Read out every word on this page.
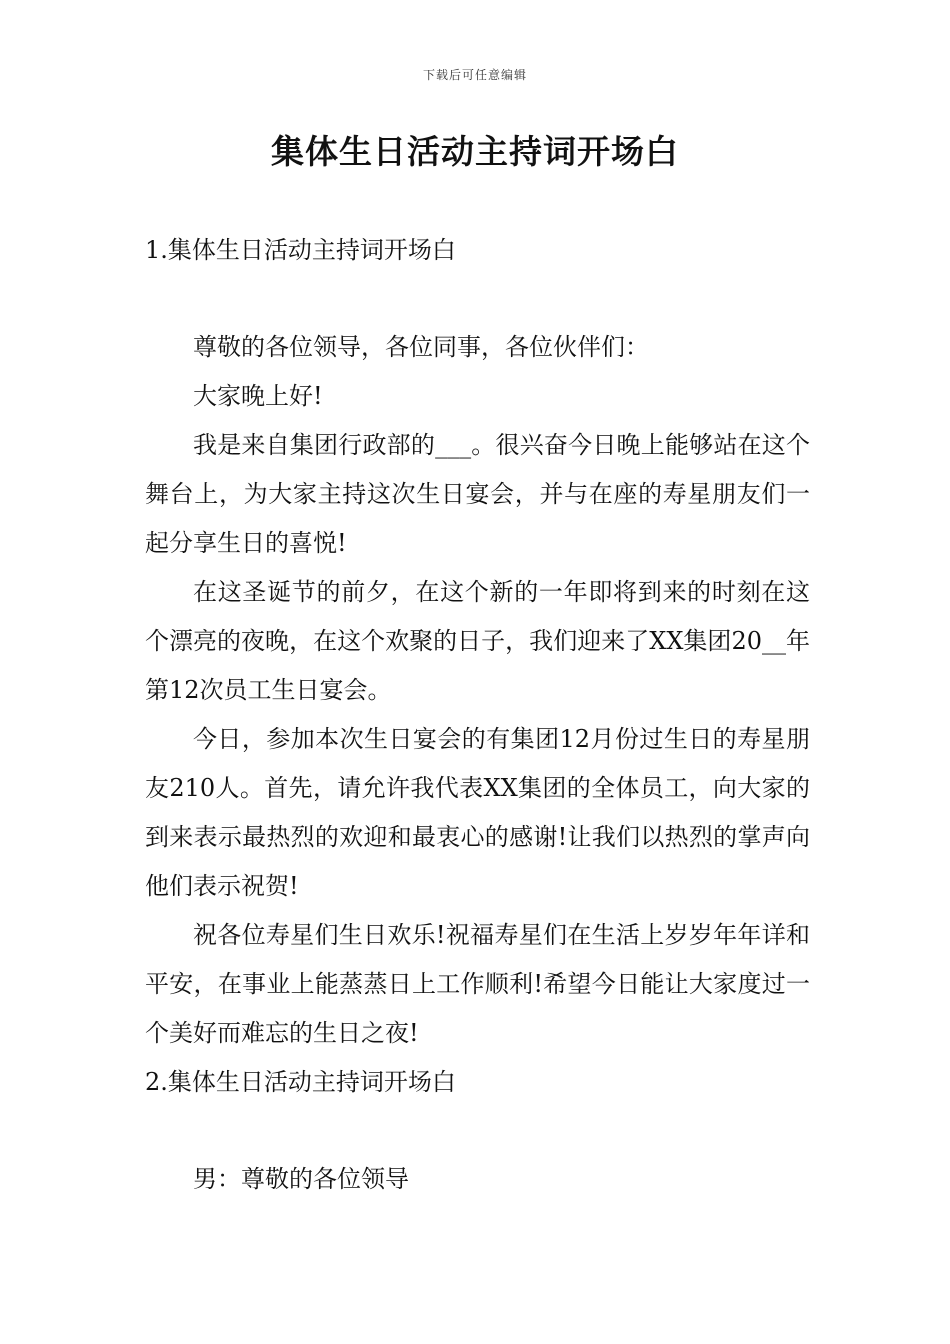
下载后可任意编辑
集体生日活动主持词开场白

1.集体生日活动主持词开场白

尊敬的各位领导，各位同事，各位伙伴们：

大家晚上好!

我是来自集团行政部的___。很兴奋今日晚上能够站在这个舞台上，为大家主持这次生日宴会，并与在座的寿星朋友们一起分享生日的喜悦!

在这圣诞节的前夕，在这个新的一年即将到来的时刻在这个漂亮的夜晚，在这个欢聚的日子，我们迎来了XX集团20__年第12次员工生日宴会。

今日，参加本次生日宴会的有集团12月份过生日的寿星朋友210人。首先，请允许我代表XX集团的全体员工，向大家的到来表示最热烈的欢迎和最衷心的感谢!让我们以热烈的掌声向他们表示祝贺!

祝各位寿星们生日欢乐!祝福寿星们在生活上岁岁年年详和平安，在事业上能蒸蒸日上工作顺利!希望今日能让大家度过一个美好而难忘的生日之夜!

2.集体生日活动主持词开场白

男：尊敬的各位领导
